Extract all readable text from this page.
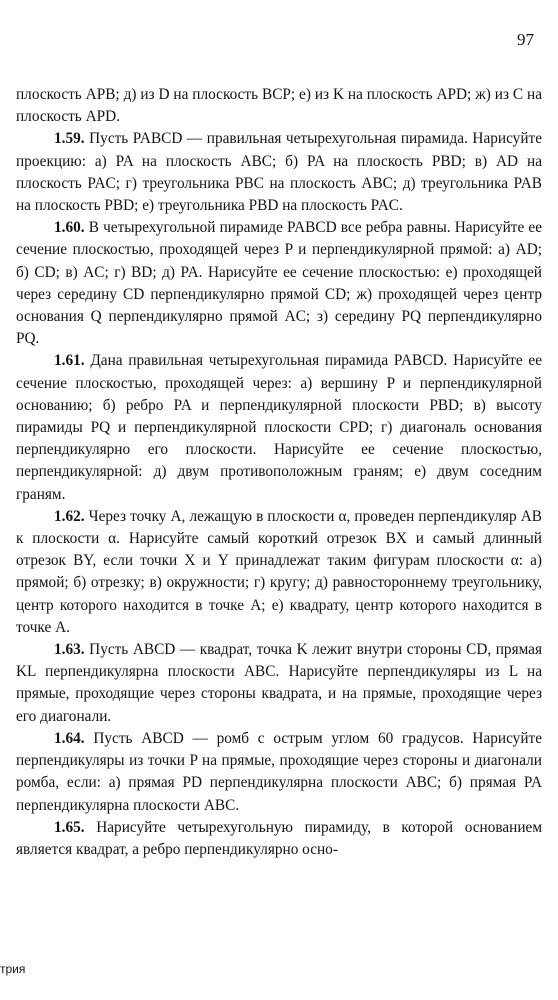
97

плоскость APB; д) из D на плоскость BCP; е) из K на плоскость APD; ж) из C на плоскость APD.

1.59. Пусть PABCD — правильная четырехугольная пирамида. Нарисуйте проекцию: а) PA на плоскость ABC; б) PA на плоскость PBD; в) AD на плоскость PAC; г) треугольника PBC на плоскость ABC; д) треугольника PAB на плоскость PBD; е) треугольника PBD на плоскость PAC.

1.60. В четырехугольной пирамиде PABCD все ребра равны. Нарисуйте ее сечение плоскостью, проходящей через P и перпендикулярной прямой: а) AD; б) CD; в) AC; г) BD; д) PA. Нарисуйте ее сечение плоскостью: е) проходящей через середину CD перпендикулярно прямой CD; ж) проходящей через центр основания Q перпендикулярно прямой AC; з) середину PQ перпендикулярно PQ.

1.61. Дана правильная четырехугольная пирамида PABCD. Нарисуйте ее сечение плоскостью, проходящей через: а) вершину P и перпендикулярной основанию; б) ребро PA и перпендикулярной плоскости PBD; в) высоту пирамиды PQ и перпендикулярной плоскости CPD; г) диагональ основания перпендикулярно его плоскости. Нарисуйте ее сечение плоскостью, перпендикулярной: д) двум противоположным граням; е) двум соседним граням.

1.62. Через точку A, лежащую в плоскости α, проведен перпендикуляр AB к плоскости α. Нарисуйте самый короткий отрезок BX и самый длинный отрезок BY, если точки X и Y принадлежат таким фигурам плоскости α: а) прямой; б) отрезку; в) окружности; г) кругу; д) равностороннему треугольнику, центр которого находится в точке A; е) квадрату, центр которого находится в точке A.

1.63. Пусть ABCD — квадрат, точка K лежит внутри стороны CD, прямая KL перпендикулярна плоскости ABC. Нарисуйте перпендикуляры из L на прямые, проходящие через стороны квадрата, и на прямые, проходящие через его диагонали.

1.64. Пусть ABCD — ромб с острым углом 60 градусов. Нарисуйте перпендикуляры из точки P на прямые, проходящие через стороны и диагонали ромба, если: а) прямая PD перпендикулярна плоскости ABC; б) прямая PA перпендикулярна плоскости ABC.

1.65. Нарисуйте четырехугольную пирамиду, в которой основанием является квадрат, а ребро перпендикулярно осно-

трия
